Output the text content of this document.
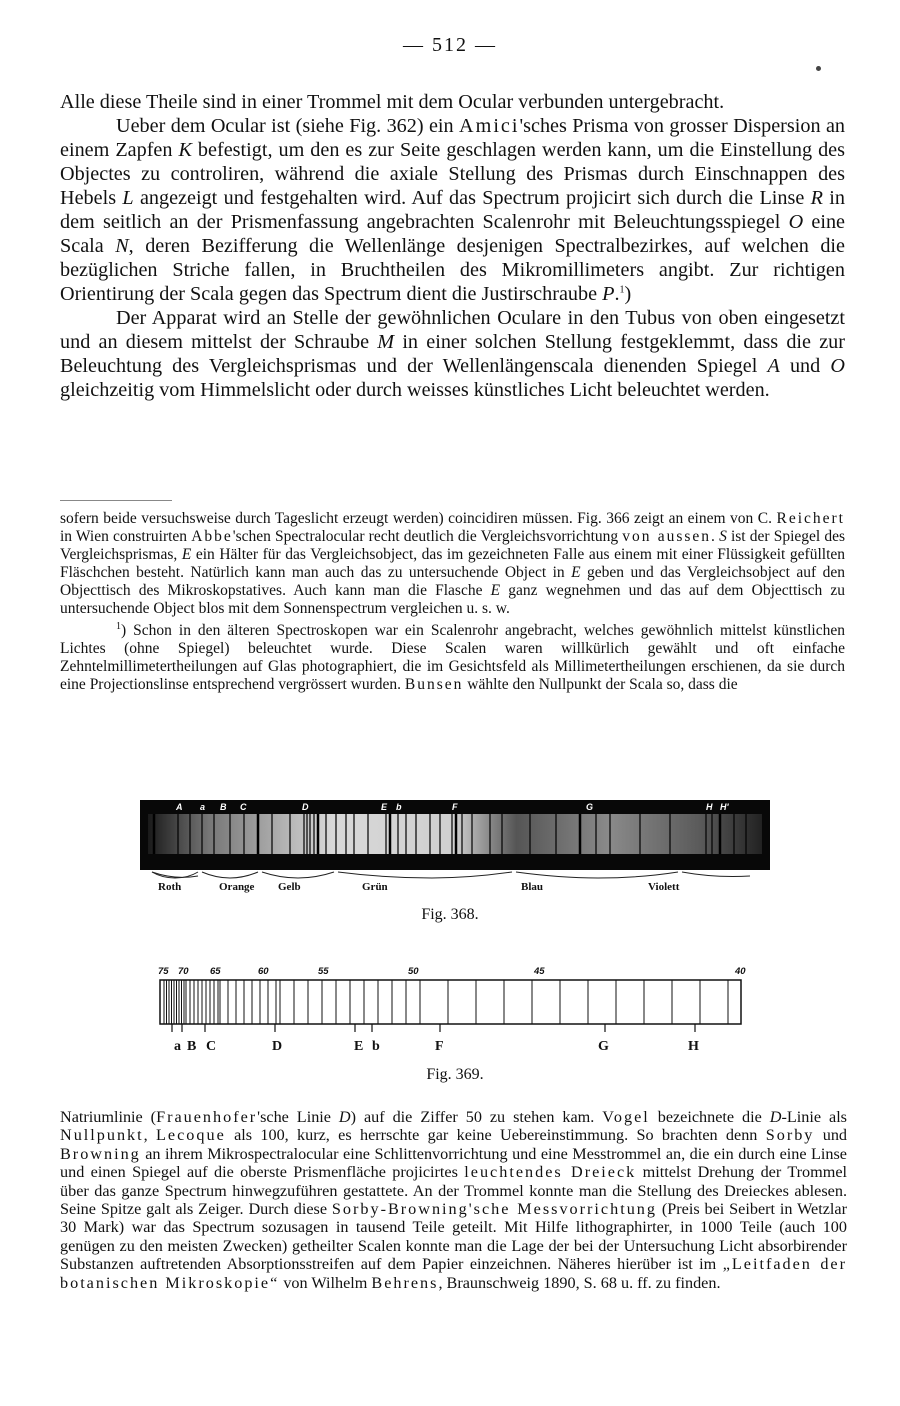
— 512 —

Alle diese Theile sind in einer Trommel mit dem Ocular verbunden untergebracht.

Ueber dem Ocular ist (siehe Fig. 362) ein Amici'sches Prisma von grosser Dispersion an einem Zapfen K befestigt, um den es zur Seite geschlagen werden kann, um die Einstellung des Objectes zu controliren, während die axiale Stellung des Prismas durch Einschnappen des Hebels L angezeigt und festgehalten wird. Auf das Spectrum projicirt sich durch die Linse R in dem seitlich an der Prismenfassung angebrachten Scalenrohr mit Beleuchtungsspiegel O eine Scala N, deren Bezifferung die Wellenlänge desjenigen Spectralbezirkes, auf welchen die bezüglichen Striche fallen, in Bruchtheilen des Mikromillimeters angibt. Zur richtigen Orientirung der Scala gegen das Spectrum dient die Justirschraube P.$^1$)

Der Apparat wird an Stelle der gewöhnlichen Oculare in den Tubus von oben eingesetzt und an diesem mittelst der Schraube M in einer solchen Stellung festgeklemmt, dass die zur Beleuchtung des Vergleichsprismas und der Wellenlängenscala dienenden Spiegel A und O gleichzeitig vom Himmelslicht oder durch weisses künstliches Licht beleuchtet werden.

sofern beide versuchsweise durch Tageslicht erzeugt werden) coincidiren müssen. Fig. 366 zeigt an einem von C. Reichert in Wien construirten Abbe'schen Spectralocular recht deutlich die Vergleichsvorrichtung von aussen. S ist der Spiegel des Vergleichsprismas, E ein Hälter für das Vergleichsobject, das im gezeichneten Falle aus einem mit einer Flüssigkeit gefüllten Fläschchen besteht. Natürlich kann man auch das zu untersuchende Object in E geben und das Vergleichsobject auf den Objecttisch des Mikroskopstatives. Auch kann man die Flasche E ganz wegnehmen und das auf dem Objecttisch zu untersuchende Object blos mit dem Sonnenspectrum vergleichen u. s. w.

$^1$) Schon in den älteren Spectroskopen war ein Scalenrohr angebracht, welches gewöhnlich mittelst künstlichen Lichtes (ohne Spiegel) beleuchtet wurde. Diese Scalen waren willkürlich gewählt und oft einfache Zehntelmillimetertheilungen auf Glas photographiert, die im Gesichtsfeld als Millimetertheilungen erschienen, da sie durch eine Projectionslinse entsprechend vergrössert wurden. Bunsen wählte den Nullpunkt der Scala so, dass die

A a B C	D	E b	F	G	H H'
Roth	Orange Gelb	Grün	Blau	Violett
Fig. 368.
75 70 65	60	55	50	45	40
a B C	D	E b	F	G	H
Fig. 369.
Natriumlinie (Frauenhofer'sche Linie D) auf die Ziffer 50 zu stehen kam. Vogel bezeichnete die D-Linie als Nullpunkt, Lecoque als 100, kurz, es herrschte gar keine Uebereinstimmung. So brachten denn Sorby und Browning an ihrem Mikrospectralocular eine Schlittenvorrichtung und eine Messtrommel an, die ein durch eine Linse und einen Spiegel auf die oberste Prismenfläche projicirtes leuchtendes Dreieck mittelst Drehung der Trommel über das ganze Spectrum hinwegzuführen gestattete. An der Trommel konnte man die Stellung des Dreieckes ablesen. Seine Spitze galt als Zeiger. Durch diese Sorby-Browning'sche Messvorrichtung (Preis bei Seibert in Wetzlar 30 Mark) war das Spectrum sozusagen in tausend Teile geteilt. Mit Hilfe lithographirter, in 1000 Teile (auch 100 genügen zu den meisten Zwecken) getheilter Scalen konnte man die Lage der bei der Untersuchung Licht absorbirender Substanzen auftretenden Absorptionsstreifen auf dem Papier einzeichnen. Näheres hierüber ist im „Leitfaden der botanischen Mikroskopie“ von Wilhelm Behrens, Braunschweig 1890, S. 68 u. ff. zu finden.
